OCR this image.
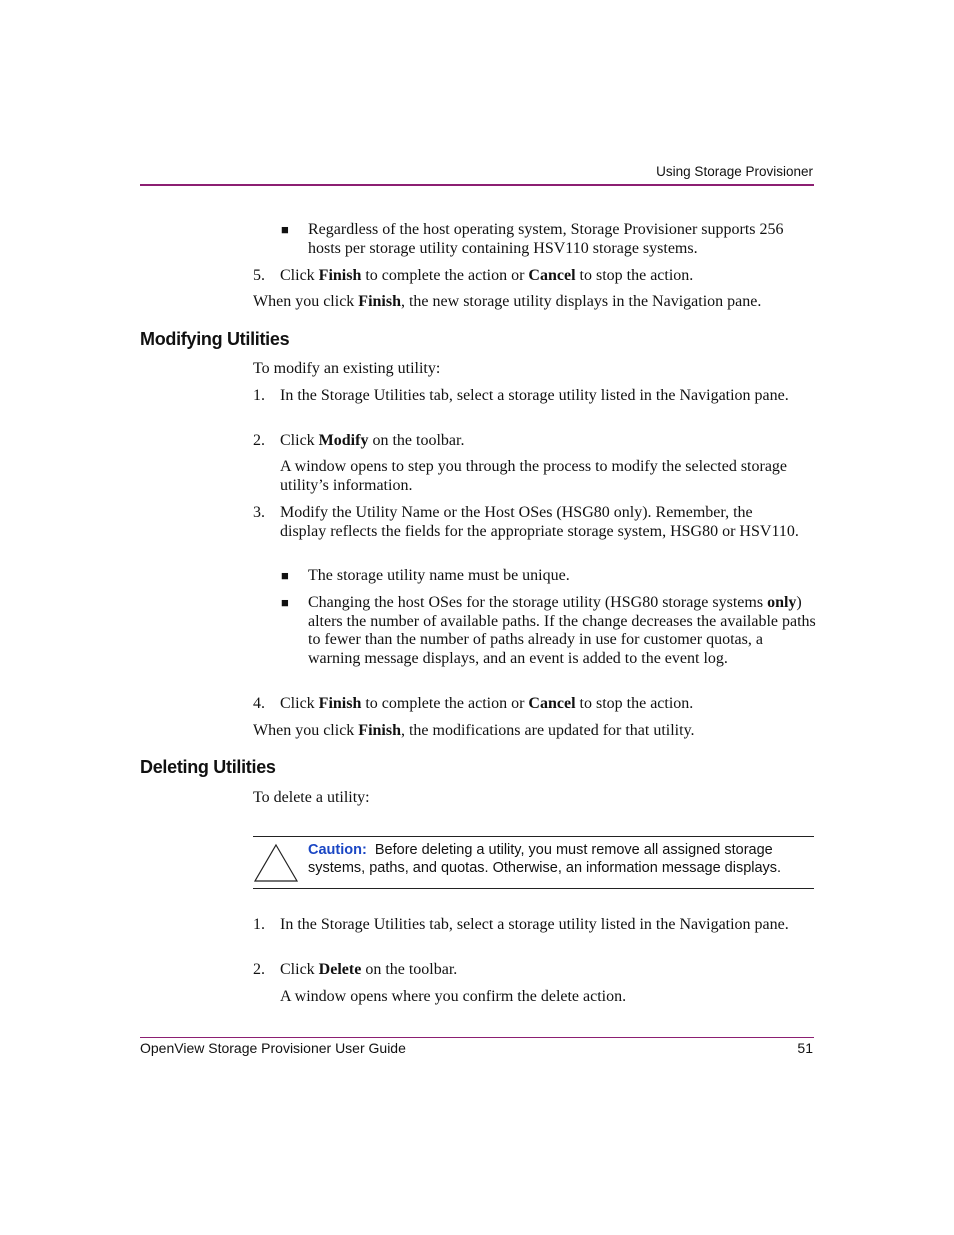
Using Storage Provisioner
■ Regardless of the host operating system, Storage Provisioner supports 256 hosts per storage utility containing HSV110 storage systems.
5. Click Finish to complete the action or Cancel to stop the action.
When you click Finish, the new storage utility displays in the Navigation pane.
Modifying Utilities
To modify an existing utility:
1. In the Storage Utilities tab, select a storage utility listed in the Navigation pane.
2. Click Modify on the toolbar.
A window opens to step you through the process to modify the selected storage utility’s information.
3. Modify the Utility Name or the Host OSes (HSG80 only). Remember, the display reflects the fields for the appropriate storage system, HSG80 or HSV110.
■ The storage utility name must be unique.
■ Changing the host OSes for the storage utility (HSG80 storage systems only) alters the number of available paths. If the change decreases the available paths to fewer than the number of paths already in use for customer quotas, a warning message displays, and an event is added to the event log.
4. Click Finish to complete the action or Cancel to stop the action.
When you click Finish, the modifications are updated for that utility.
Deleting Utilities
To delete a utility:
Caution: Before deleting a utility, you must remove all assigned storage systems, paths, and quotas. Otherwise, an information message displays.
1. In the Storage Utilities tab, select a storage utility listed in the Navigation pane.
2. Click Delete on the toolbar.
A window opens where you confirm the delete action.
OpenView Storage Provisioner User Guide	51
